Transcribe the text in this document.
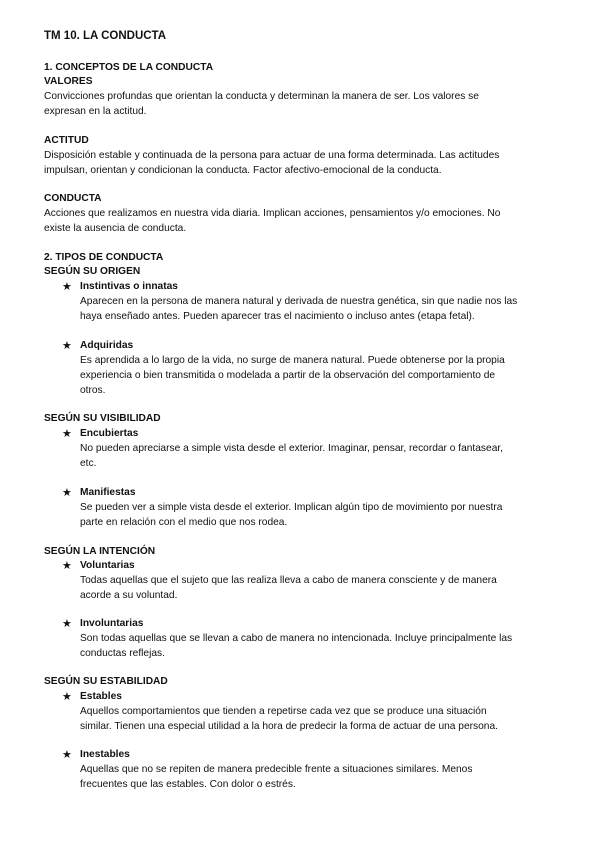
TM 10. LA CONDUCTA
1. CONCEPTOS DE LA CONDUCTA
VALORES
Convicciones profundas que orientan la conducta y determinan la manera de ser. Los valores se
expresan en la actitud.
ACTITUD
Disposición estable y continuada de la persona para actuar de una forma determinada. Las actitudes
impulsan, orientan y condicionan la conducta. Factor afectivo-emocional de la conducta.
CONDUCTA
Acciones que realizamos en nuestra vida diaria. Implican acciones, pensamientos y/o emociones. No
existe la ausencia de conducta.
2. TIPOS DE CONDUCTA
SEGÚN SU ORIGEN
★ Instintivas o innatas
Aparecen en la persona de manera natural y derivada de nuestra genética, sin que nadie nos las
haya enseñado antes. Pueden aparecer tras el nacimiento o incluso antes (etapa fetal).
★ Adquiridas
Es aprendida a lo largo de la vida, no surge de manera natural. Puede obtenerse por la propia
experiencia o bien transmitida o modelada a partir de la observación del comportamiento de
otros.
SEGÚN SU VISIBILIDAD
★ Encubiertas
No pueden apreciarse a simple vista desde el exterior. Imaginar, pensar, recordar o fantasear,
etc.
★ Manifiestas
Se pueden ver a simple vista desde el exterior. Implican algún tipo de movimiento por nuestra
parte en relación con el medio que nos rodea.
SEGÚN LA INTENCIÓN
★ Voluntarias
Todas aquellas que el sujeto que las realiza lleva a cabo de manera consciente y de manera
acorde a su voluntad.
★ Involuntarias
Son todas aquellas que se llevan a cabo de manera no intencionada. Incluye principalmente las
conductas reflejas.
SEGÚN SU ESTABILIDAD
★ Estables
Aquellos comportamientos que tienden a repetirse cada vez que se produce una situación
similar. Tienen una especial utilidad a la hora de predecir la forma de actuar de una persona.
★ Inestables
Aquellas que no se repiten de manera predecible frente a situaciones similares. Menos
frecuentes que las estables. Con dolor o estrés.
